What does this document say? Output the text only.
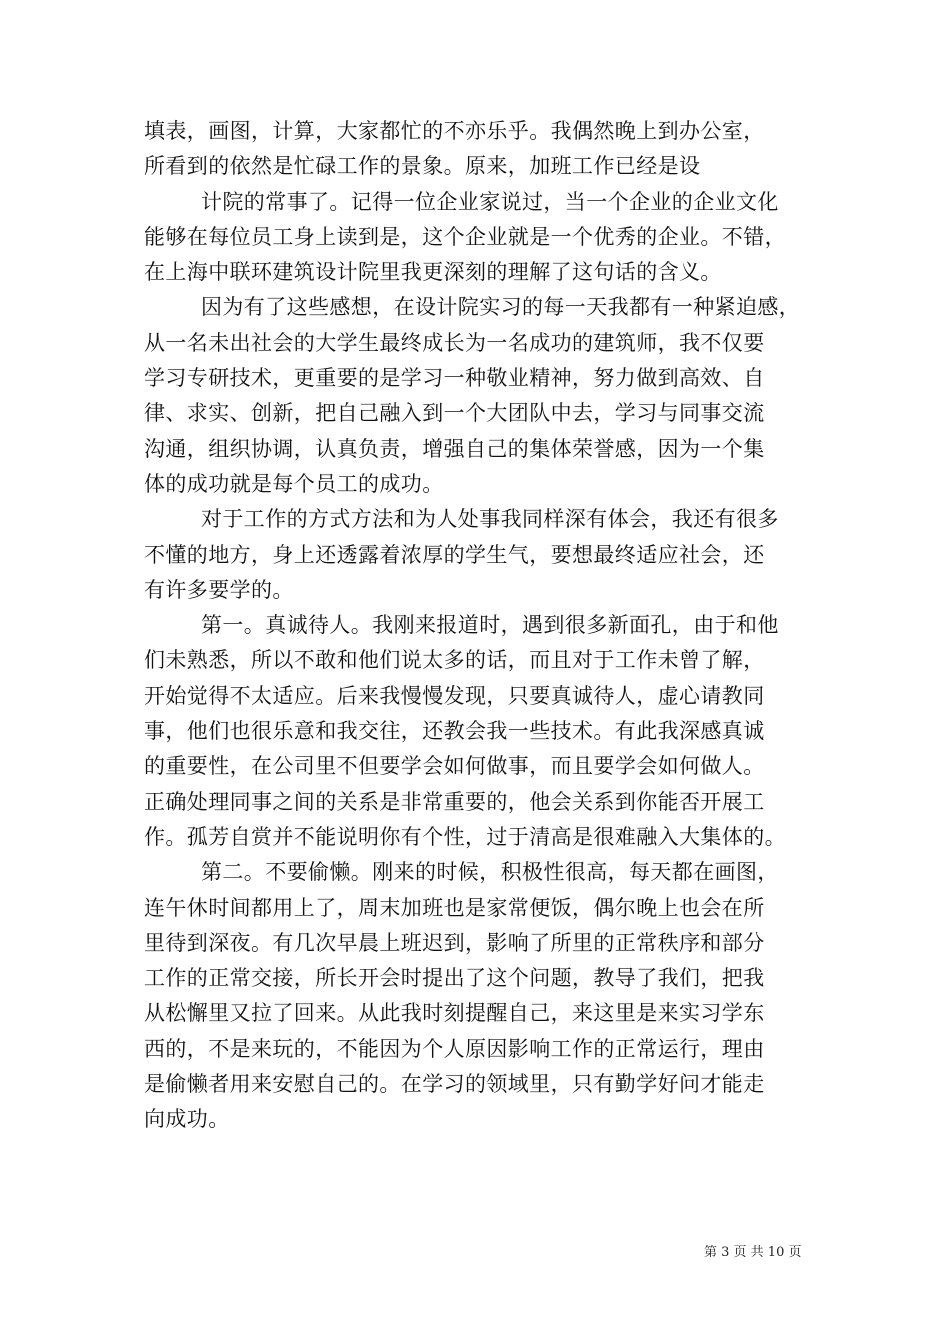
填表，画图，计算，大家都忙的不亦乐乎。我偶然晚上到办公室，
所看到的依然是忙碌工作的景象。原来，加班工作已经是设
计院的常事了。记得一位企业家说过，当一个企业的企业文化
能够在每位员工身上读到是，这个企业就是一个优秀的企业。不错，
在上海中联环建筑设计院里我更深刻的理解了这句话的含义。
因为有了这些感想，在设计院实习的每一天我都有一种紧迫感，
从一名未出社会的大学生最终成长为一名成功的建筑师，我不仅要
学习专研技术，更重要的是学习一种敬业精神，努力做到高效、自
律、求实、创新，把自己融入到一个大团队中去，学习与同事交流
沟通，组织协调，认真负责，增强自己的集体荣誉感，因为一个集
体的成功就是每个员工的成功。
对于工作的方式方法和为人处事我同样深有体会，我还有很多
不懂的地方，身上还透露着浓厚的学生气，要想最终适应社会，还
有许多要学的。
第一。真诚待人。我刚来报道时，遇到很多新面孔，由于和他
们未熟悉，所以不敢和他们说太多的话，而且对于工作未曾了解，
开始觉得不太适应。后来我慢慢发现，只要真诚待人，虚心请教同
事，他们也很乐意和我交往，还教会我一些技术。有此我深感真诚
的重要性，在公司里不但要学会如何做事，而且要学会如何做人。
正确处理同事之间的关系是非常重要的，他会关系到你能否开展工
作。孤芳自赏并不能说明你有个性，过于清高是很难融入大集体的。
第二。不要偷懒。刚来的时候，积极性很高，每天都在画图，
连午休时间都用上了，周末加班也是家常便饭，偶尔晚上也会在所
里待到深夜。有几次早晨上班迟到，影响了所里的正常秩序和部分
工作的正常交接，所长开会时提出了这个问题，教导了我们，把我
从松懈里又拉了回来。从此我时刻提醒自己，来这里是来实习学东
西的，不是来玩的，不能因为个人原因影响工作的正常运行，理由
是偷懒者用来安慰自己的。在学习的领域里，只有勤学好问才能走
向成功。
第 3 页 共 10 页
